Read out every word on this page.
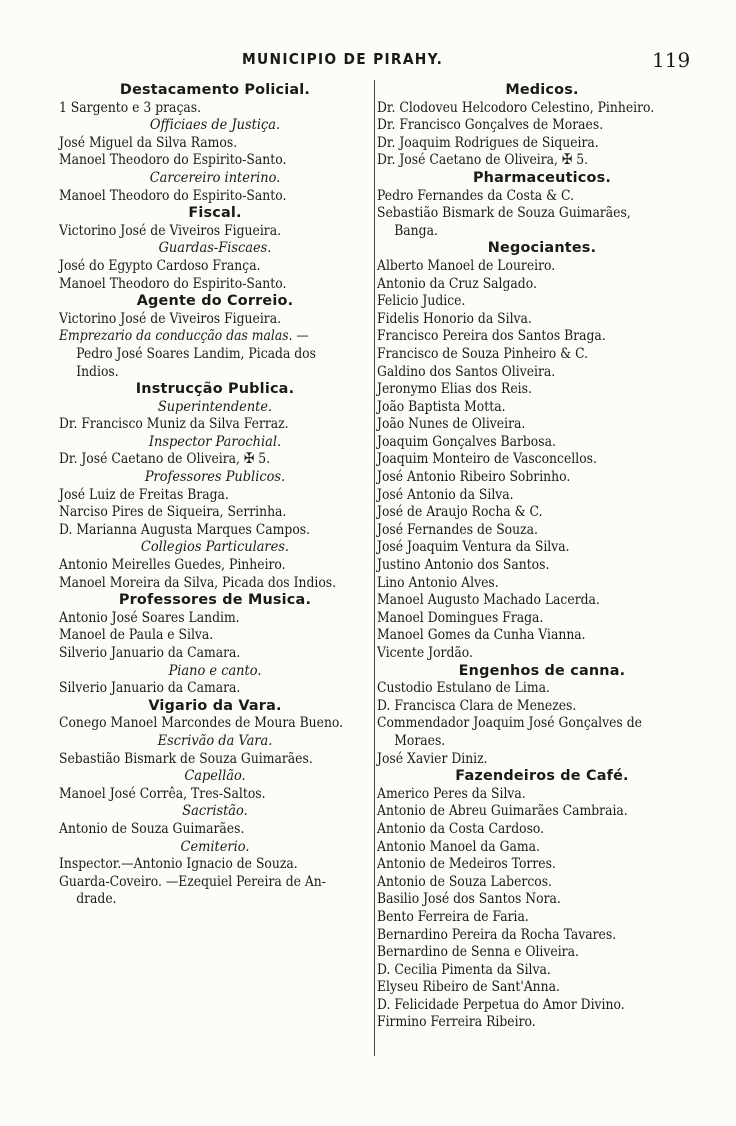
MUNICIPIO DE PIRAHY.	119
Destacamento Policial.
1 Sargento e 3 praças.
Officiaes de Justiça.
José Miguel da Silva Ramos.
Manoel Theodoro do Espirito-Santo.
Carcereiro interino.
Manoel Theodoro do Espirito-Santo.
Fiscal.
Victorino José de Viveiros Figueira.
Guardas-Fiscaes.
José do Egypto Cardoso França.
Manoel Theodoro do Espirito-Santo.
Agente do Correio.
Victorino José de Viveiros Figueira.
Emprezario da conducção das malas. —
Pedro José Soares Landim, Picada dos
Indios.
Instrucção Publica.
Superintendente.
Dr. Francisco Muniz da Silva Ferraz.
Inspector Parochial.
Dr. José Caetano de Oliveira, ✠ 5.
Professores Publicos.
José Luiz de Freitas Braga.
Narciso Pires de Siqueira, Serrinha.
D. Marianna Augusta Marques Campos.
Collegios Particulares.
Antonio Meirelles Guedes, Pinheiro.
Manoel Moreira da Silva, Picada dos Indios.
Professores de Musica.
Antonio José Soares Landim.
Manoel de Paula e Silva.
Silverio Januario da Camara.
Piano e canto.
Silverio Januario da Camara.
Vigario da Vara.
Conego Manoel Marcondes de Moura Bueno.
Escrivão da Vara.
Sebastião Bismark de Souza Guimarães.
Capellão.
Manoel José Corrêa, Tres-Saltos.
Sacristão.
Antonio de Souza Guimarães.
Cemiterio.
Inspector.—Antonio Ignacio de Souza.
Guarda-Coveiro. —Ezequiel Pereira de An-
drade.
Medicos.
Dr. Clodoveu Helcodoro Celestino, Pinheiro.
Dr. Francisco Gonçalves de Moraes.
Dr. Joaquim Rodrigues de Siqueira.
Dr. José Caetano de Oliveira, ✠ 5.
Pharmaceuticos.
Pedro Fernandes da Costa & C.
Sebastião Bismark de Souza Guimarães,
Banga.
Negociantes.
Alberto Manoel de Loureiro.
Antonio da Cruz Salgado.
Felicio Judice.
Fidelis Honorio da Silva.
Francisco Pereira dos Santos Braga.
Francisco de Souza Pinheiro & C.
Galdino dos Santos Oliveira.
Jeronymo Elias dos Reis.
João Baptista Motta.
João Nunes de Oliveira.
Joaquim Gonçalves Barbosa.
Joaquim Monteiro de Vasconcellos.
José Antonio Ribeiro Sobrinho.
José Antonio da Silva.
José de Araujo Rocha & C.
José Fernandes de Souza.
José Joaquim Ventura da Silva.
Justino Antonio dos Santos.
Lino Antonio Alves.
Manoel Augusto Machado Lacerda.
Manoel Domingues Fraga.
Manoel Gomes da Cunha Vianna.
Vicente Jordão.
Engenhos de canna.
Custodio Estulano de Lima.
D. Francisca Clara de Menezes.
Commendador Joaquim José Gonçalves de
Moraes.
José Xavier Diniz.
Fazendeiros de Café.
Americo Peres da Silva.
Antonio de Abreu Guimarães Cambraia.
Antonio da Costa Cardoso.
Antonio Manoel da Gama.
Antonio de Medeiros Torres.
Antonio de Souza Labercos.
Basilio José dos Santos Nora.
Bento Ferreira de Faria.
Bernardino Pereira da Rocha Tavares.
Bernardino de Senna e Oliveira.
D. Cecilia Pimenta da Silva.
Elyseu Ribeiro de Sant'Anna.
D. Felicidade Perpetua do Amor Divino.
Firmino Ferreira Ribeiro.
